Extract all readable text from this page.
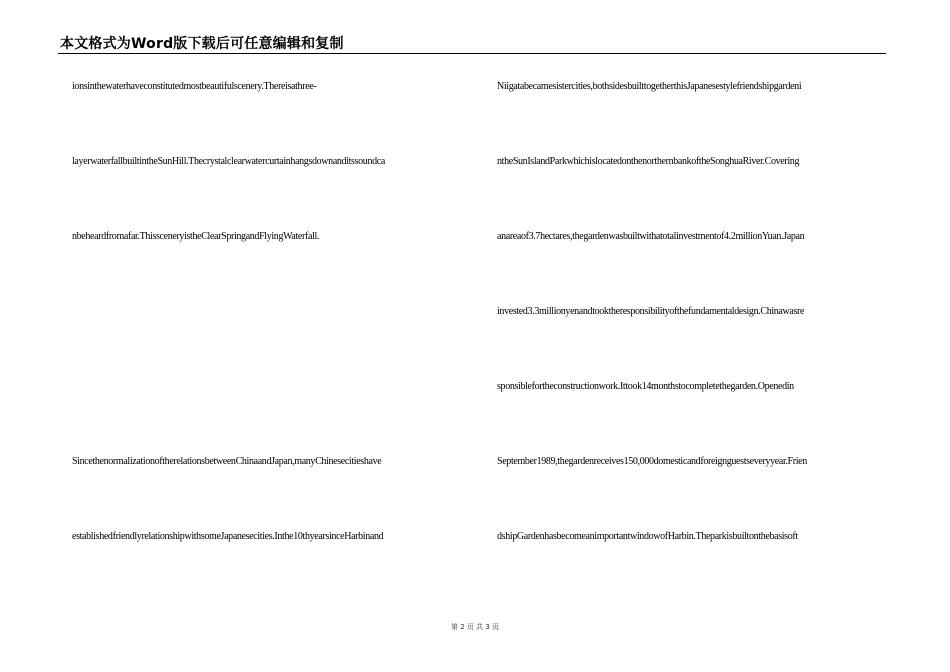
本文格式为Word版下载后可任意编辑和复制
ionsinthewaterhaveconstitutedmostbeautifulscenery.Thereisathree-
layerwaterfallbuiltintheSunHill.Thecrystalclearwatercurtainhangsdownanditssoundca
nbeheardfromafar.ThissceneryistheClearSpringandFlyingWaterfall.
SincethenormalizationoftherelationsbetweenChinaandJapan,manyChinesecitieshave
establishedfriendlyrelationshipwithsomeJapanesecities.Inthe10thyearsinceHarbinand
Niigatabecamesistercities,bothsidesbuilttogetherthisJapanesestylefriendshipgardeni
ntheSunIslandParkwhichislocatedonthenorthernbankoftheSonghuaRiver.Covering
anareaof3.7hectares,thegardenwasbuiltwithatotalinvestmentof4.2millionYuan.Japan
invested3.3millionyenandtooktheresponsibilityofthefundamentaldesign.Chinawasre
sponsiblefortheconstructionwork.Ittook14monthstocompletethegarden.Openedin
September1989,thegardenreceives150,000domesticandforeignguestseveryyear.Frien
dshipGardenhasbecomeanimportantwindowofHarbin.Theparkisbuiltonthebasisoft
第 2 页 共 3 页
